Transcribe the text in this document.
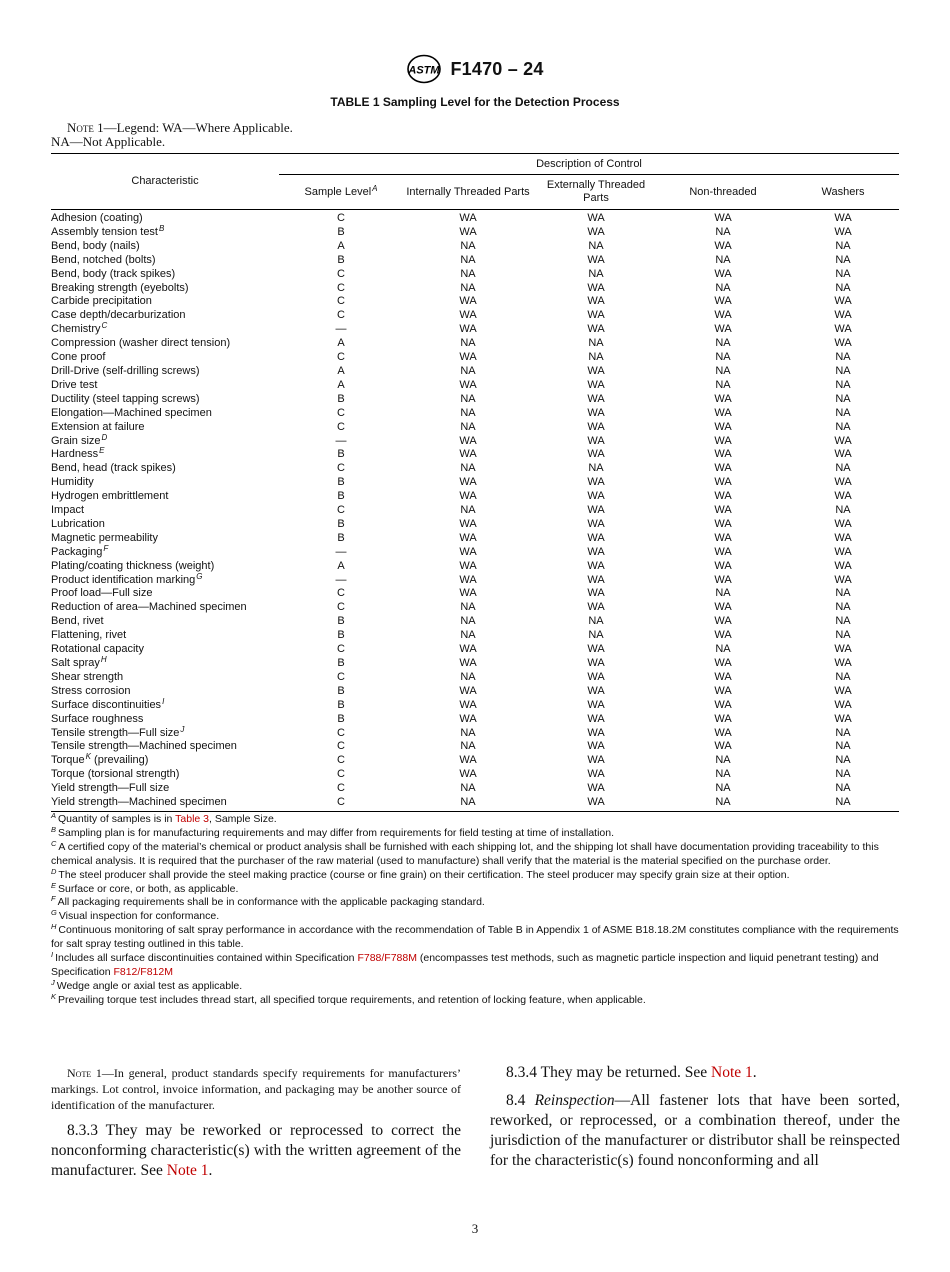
ASTM F1470 – 24
TABLE 1 Sampling Level for the Detection Process
Note 1—Legend: WA—Where Applicable.
NA—Not Applicable.
Characteristic	Description of Control				
	Sample Level$^A$	Internally Threaded Parts	Externally Threaded Parts	Non-threaded	Washers
Adhesion (coating)	C	WA	WA	WA	WA
Assembly tension test$^B$	B	WA	WA	NA	WA
Bend, body (nails)	A	NA	NA	WA	NA
Bend, notched (bolts)	B	NA	WA	NA	NA
Bend, body (track spikes)	C	NA	NA	WA	NA
Breaking strength (eyebolts)	C	NA	WA	NA	NA
Carbide precipitation	C	WA	WA	WA	WA
Case depth/decarburization	C	WA	WA	WA	WA
Chemistry$^C$	—	WA	WA	WA	WA
Compression (washer direct tension)	A	NA	NA	NA	WA
Cone proof	C	WA	NA	NA	NA
Drill-Drive (self-drilling screws)	A	NA	WA	NA	NA
Drive test	A	WA	WA	NA	NA
Ductility (steel tapping screws)	B	NA	WA	WA	NA
Elongation—Machined specimen	C	NA	WA	WA	NA
Extension at failure	C	NA	WA	WA	NA
Grain size$^D$	—	WA	WA	WA	WA
Hardness$^E$	B	WA	WA	WA	WA
Bend, head (track spikes)	C	NA	NA	WA	NA
Humidity	B	WA	WA	WA	WA
Hydrogen embrittlement	B	WA	WA	WA	WA
Impact	C	NA	WA	WA	NA
Lubrication	B	WA	WA	WA	WA
Magnetic permeability	B	WA	WA	WA	WA
Packaging$^F$	—	WA	WA	WA	WA
Plating/coating thickness (weight)	A	WA	WA	WA	WA
Product identification marking$^G$	—	WA	WA	WA	WA
Proof load—Full size	C	WA	WA	NA	NA
Reduction of area—Machined specimen	C	NA	WA	WA	NA
Bend, rivet	B	NA	NA	WA	NA
Flattening, rivet	B	NA	NA	WA	NA
Rotational capacity	C	WA	WA	NA	WA
Salt spray$^H$	B	WA	WA	WA	WA
Shear strength	C	NA	WA	WA	NA
Stress corrosion	B	WA	WA	WA	WA
Surface discontinuities$^I$	B	WA	WA	WA	WA
Surface roughness	B	WA	WA	WA	WA
Tensile strength—Full size$^J$	C	NA	WA	WA	NA
Tensile strength—Machined specimen	C	NA	WA	WA	NA
Torque$^K$ (prevailing)	C	WA	WA	NA	NA
Torque (torsional strength)	C	WA	WA	NA	NA
Yield strength—Full size	C	NA	WA	NA	NA
Yield strength—Machined specimen	C	NA	WA	NA	NA

$^A$ Quantity of samples is in Table 3, Sample Size.

$^B$ Sampling plan is for manufacturing requirements and may differ from requirements for field testing at time of installation.

$^C$ A certified copy of the material’s chemical or product analysis shall be furnished with each shipping lot, and the shipping lot shall have documentation providing traceability to this chemical analysis. It is required that the purchaser of the raw material (used to manufacture) shall verify that the material is the material specified on the purchase order.

$^D$ The steel producer shall provide the steel making practice (course or fine grain) on their certification. The steel producer may specify grain size at their option.

$^E$ Surface or core, or both, as applicable.

$^F$ All packaging requirements shall be in conformance with the applicable packaging standard.

$^G$ Visual inspection for conformance.

$^H$ Continuous monitoring of salt spray performance in accordance with the recommendation of Table B in Appendix 1 of ASME B18.18.2M constitutes compliance with the requirements for salt spray testing outlined in this table.

$^I$ Includes all surface discontinuities contained within Specification F788/F788M (encompasses test methods, such as magnetic particle inspection and liquid penetrant testing) and Specification F812/F812M

$^J$ Wedge angle or axial test as applicable.

$^K$ Prevailing torque test includes thread start, all specified torque requirements, and retention of locking feature, when applicable.

Note 1—In general, product standards specify requirements for manufacturers’ markings. Lot control, invoice information, and packaging may be another source of identification of the manufacturer.

8.3.3 They may be reworked or reprocessed to correct the nonconforming characteristic(s) with the written agreement of the manufacturer. See Note 1.

8.3.4 They may be returned. See Note 1.

8.4 Reinspection—All fastener lots that have been sorted, reworked, or reprocessed, or a combination thereof, under the jurisdiction of the manufacturer or distributor shall be reinspected for the characteristic(s) found nonconforming and all

3
